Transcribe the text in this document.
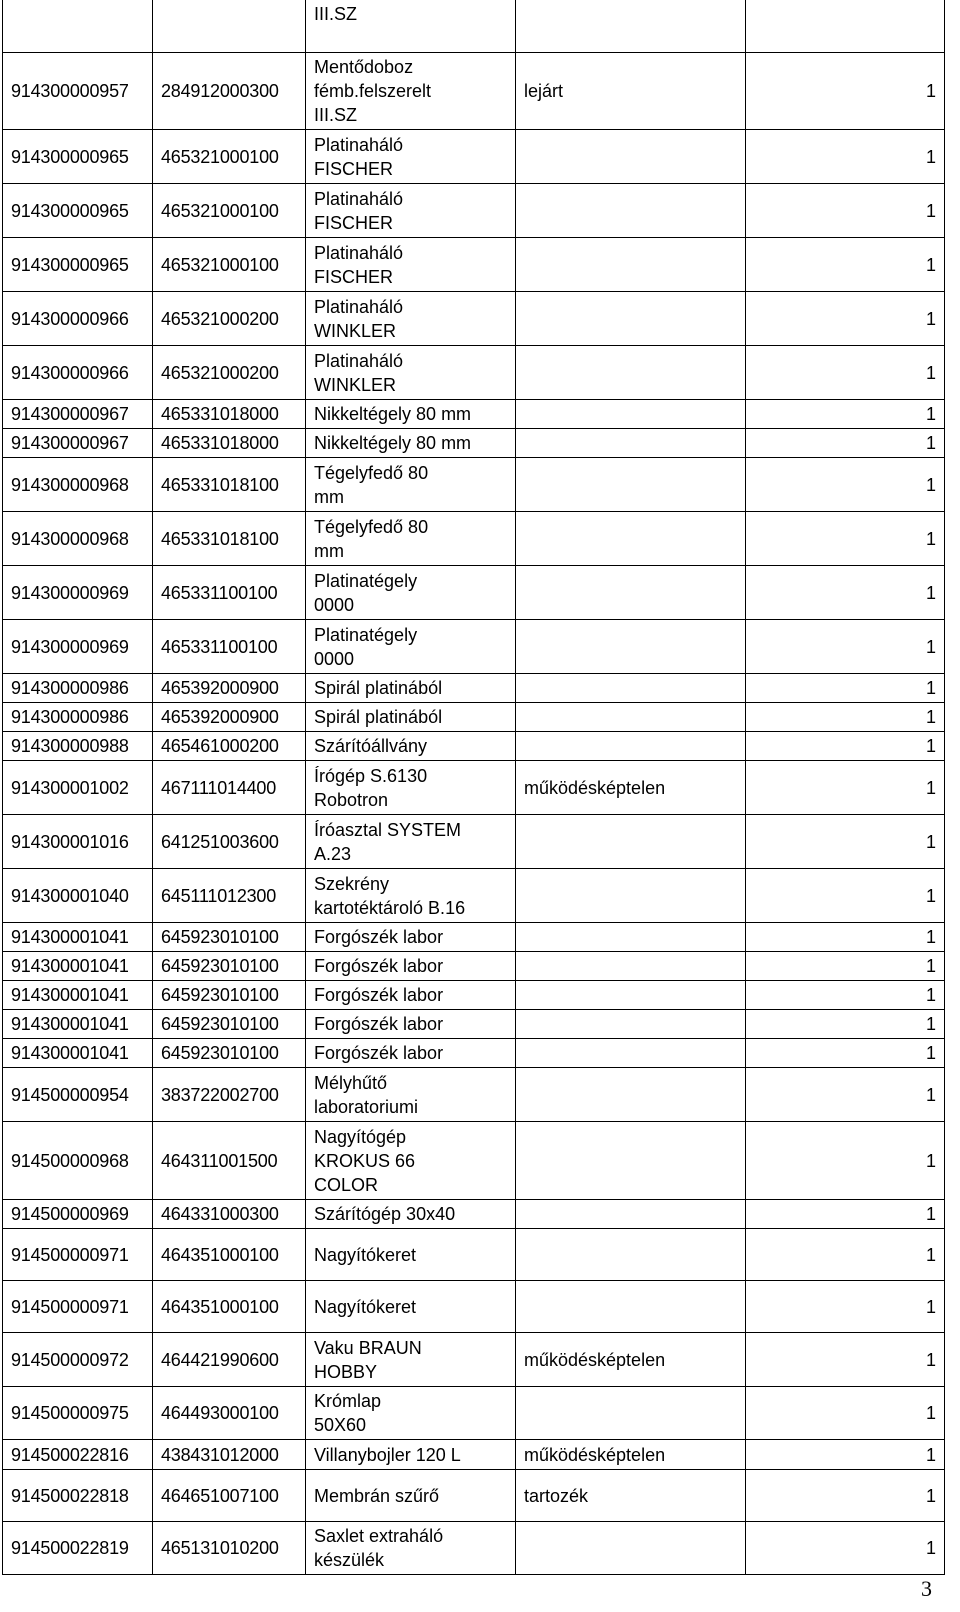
		III.SZ		
914300000957	284912000300	Mentődoboz
fémb.felszerelt
III.SZ	lejárt	1
914300000965	465321000100	Platinaháló
FISCHER		1
914300000965	465321000100	Platinaháló
FISCHER		1
914300000965	465321000100	Platinaháló
FISCHER		1
914300000966	465321000200	Platinaháló
WINKLER		1
914300000966	465321000200	Platinaháló
WINKLER		1
914300000967	465331018000	Nikkeltégely 80 mm		1
914300000967	465331018000	Nikkeltégely 80 mm		1
914300000968	465331018100	Tégelyfedő 80
mm		1
914300000968	465331018100	Tégelyfedő 80
mm		1
914300000969	465331100100	Platinatégely
0000		1
914300000969	465331100100	Platinatégely
0000		1
914300000986	465392000900	Spirál platinából		1
914300000986	465392000900	Spirál platinából		1
914300000988	465461000200	Szárítóállvány		1
914300001002	467111014400	Írógép S.6130
Robotron	működésképtelen	1
914300001016	641251003600	Íróasztal SYSTEM
A.23		1
914300001040	645111012300	Szekrény
kartotéktároló B.16		1
914300001041	645923010100	Forgószék labor		1
914300001041	645923010100	Forgószék labor		1
914300001041	645923010100	Forgószék labor		1
914300001041	645923010100	Forgószék labor		1
914300001041	645923010100	Forgószék labor		1
914500000954	383722002700	Mélyhűtő
laboratoriumi		1
914500000968	464311001500	Nagyítógép
KROKUS 66
COLOR		1
914500000969	464331000300	Szárítógép 30x40		1
914500000971	464351000100	Nagyítókeret		1
914500000971	464351000100	Nagyítókeret		1
914500000972	464421990600	Vaku BRAUN
HOBBY	működésképtelen	1
914500000975	464493000100	Krómlap
50X60		1
914500022816	438431012000	Villanybojler 120 L	működésképtelen	1
914500022818	464651007100	Membrán szűrő	tartozék	1
914500022819	465131010200	Saxlet extraháló
készülék		1
3
